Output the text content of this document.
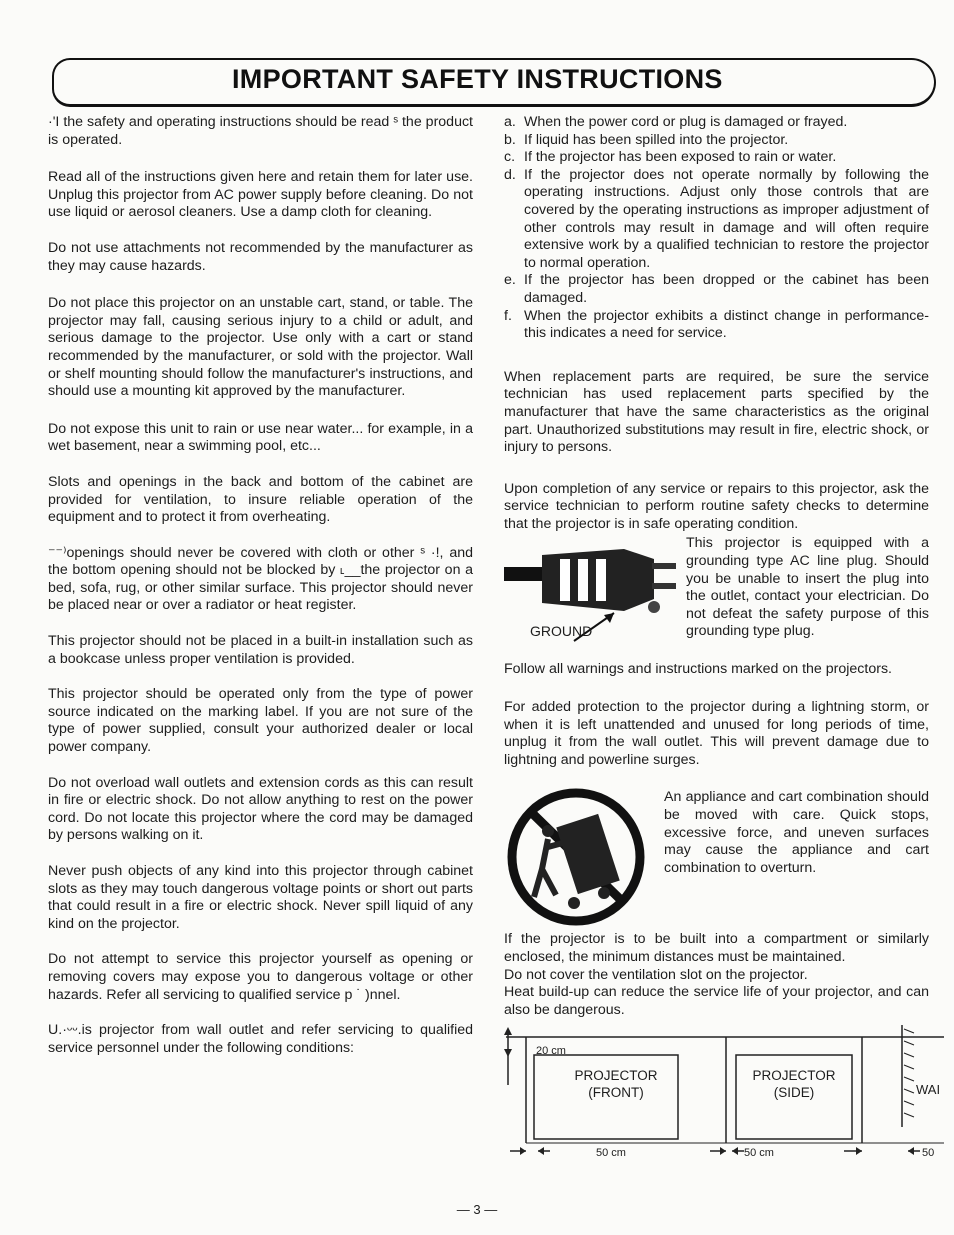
IMPORTANT SAFETY INSTRUCTIONS

·'I the safety and operating instructions should be read ˢ the product is operated.

Read all of the instructions given here and retain them for later use. Unplug this projector from AC power supply before cleaning. Do not use liquid or aerosol cleaners. Use a damp cloth for cleaning.

Do not use attachments not recommended by the manufacturer as they may cause hazards.

Do not place this projector on an unstable cart, stand, or table. The projector may fall, causing serious injury to a child or adult, and serious damage to the projector. Use only with a cart or stand recommended by the manufacturer, or sold with the projector. Wall or shelf mounting should follow the manufacturer's instructions, and should use a mounting kit approved by the manufacturer.

Do not expose this unit to rain or use near water... for example, in a wet basement, near a swimming pool, etc...

Slots and openings in the back and bottom of the cabinet are provided for ventilation, to insure reliable operation of the equipment and to protect it from overheating.

⁻⁻⁾openings should never be covered with cloth or other ˢ ·!, and the bottom opening should not be blocked by ˪__the projector on a bed, sofa, rug, or other similar surface. This projector should never be placed near or over a radiator or heat register.

This projector should not be placed in a built-in installation such as a bookcase unless proper ventilation is provided.

This projector should be operated only from the type of power source indicated on the marking label. If you are not sure of the type of power supplied, consult your authorized dealer or local power company.

Do not overload wall outlets and extension cords as this can result in fire or electric shock. Do not allow anything to rest on the power cord. Do not locate this projector where the cord may be damaged by persons walking on it.

Never push objects of any kind into this projector through cabinet slots as they may touch dangerous voltage points or short out parts that could result in a fire or electric shock. Never spill liquid of any kind on the projector.

Do not attempt to service this projector yourself as opening or removing covers may expose you to dangerous voltage or other hazards. Refer all servicing to qualified service p ˙ )nnel.

U.·ᵕᵕ.is projector from wall outlet and refer servicing to qualified service personnel under the following conditions:

a. When the power cord or plug is damaged or frayed.
b. If liquid has been spilled into the projector.
c. If the projector has been exposed to rain or water.
d. If the projector does not operate normally by following the operating instructions. Adjust only those controls that are covered by the operating instructions as improper adjustment of other controls may result in damage and will often require extensive work by a qualified technician to restore the projector to normal operation.
e. If the projector has been dropped or the cabinet has been damaged.
f. When the projector exhibits a distinct change in performance-this indicates a need for service.

When replacement parts are required, be sure the service technician has used replacement parts specified by the manufacturer that have the same characteristics as the original part. Unauthorized substitutions may result in fire, electric shock, or injury to persons.

Upon completion of any service or repairs to this projector, ask the service technician to perform routine safety checks to determine that the projector is in safe operating condition.

GROUND

This projector is equipped with a grounding type AC line plug. Should you be unable to insert the plug into the outlet, contact your electrician. Do not defeat the safety purpose of this grounding type plug.

Follow all warnings and instructions marked on the projectors.

For added protection to the projector during a lightning storm, or when it is left unattended and unused for long periods of time, unplug it from the wall outlet. This will prevent damage due to lightning and powerline surges.

An appliance and cart combination should be moved with care. Quick stops, excessive force, and uneven surfaces may cause the appliance and cart combination to overturn.

If the projector is to be built into a compartment or similarly enclosed, the minimum distances must be maintained.

Do not cover the ventilation slot on the projector.

Heat build-up can reduce the service life of your projector, and can also be dangerous.

20 cm
PROJECTOR
(FRONT)
PROJECTOR
(SIDE)
50 cm	50 cm	50
WAI
— 3 —
